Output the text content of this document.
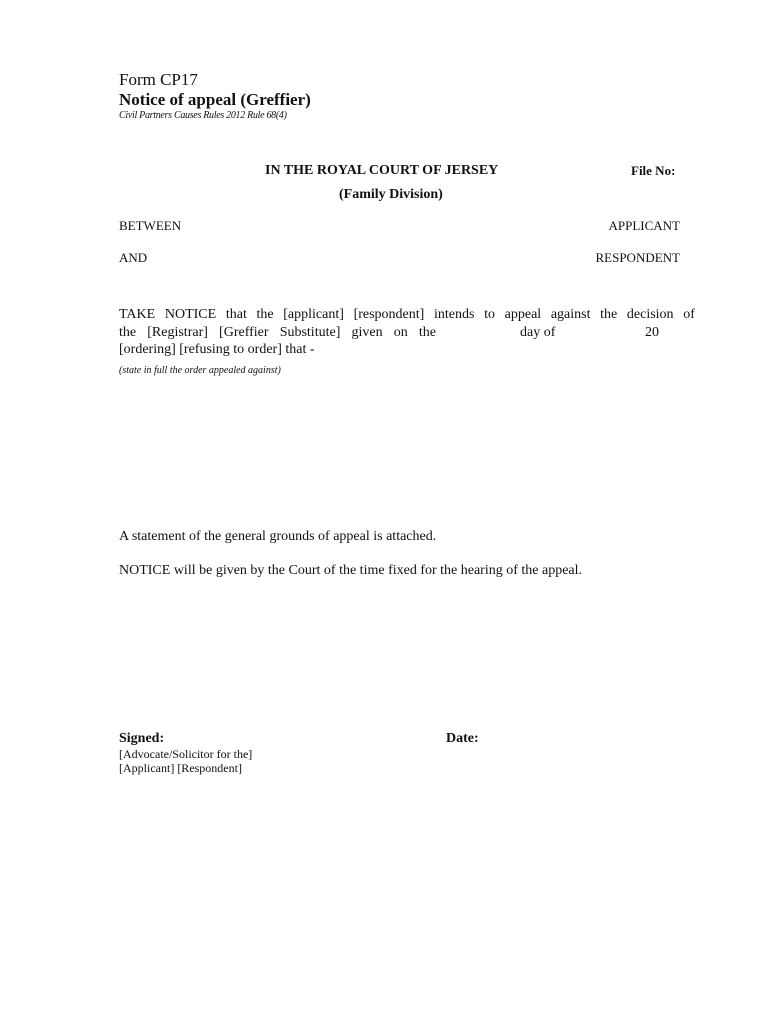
Form CP17
Notice of appeal (Greffier)
Civil Partners Causes Rules 2012 Rule 68(4)
IN THE ROYAL COURT OF JERSEY	File No:
(Family Division)
BETWEEN	APPLICANT
AND	RESPONDENT
TAKE NOTICE that the [applicant] [respondent] intends to appeal against the decision of
the [Registrar] [Greffier Substitute] given on the	day of	20
[ordering] [refusing to order] that -
(state in full the order appealed against)
A statement of the general grounds of appeal is attached.
NOTICE will be given by the Court of the time fixed for the hearing of the appeal.
Signed:	Date:
[Advocate/Solicitor for the]
[Applicant] [Respondent]
